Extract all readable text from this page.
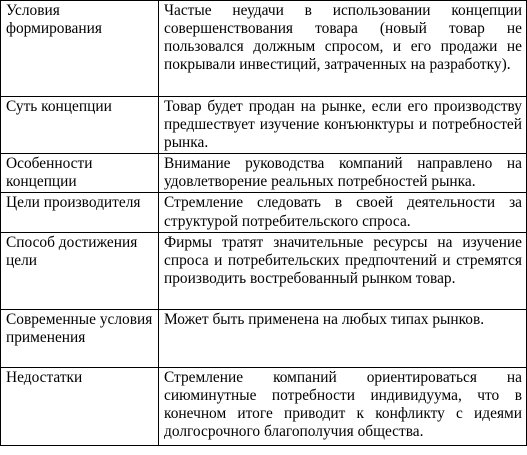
Условия формирования	Частые неудачи в использовании концепции совершенствования товара (новый товар не пользовался должным спросом, и его продажи не покрывали инвестиций, затраченных на разработку).
Суть концепции	Товар будет продан на рынке, если его производству предшествует изучение конъюнктуры и потребностей рынка.
Особенности концепции	Внимание руководства компаний направлено на удовлетворение реальных потребностей рынка.
Цели производителя	Стремление следовать в своей деятельности за структурой потребительского спроса.
Способ достижения цели	Фирмы тратят значительные ресурсы на изучение спроса и потребительских предпочтений и стремятся производить востребованный рынком товар.
Современные условия применения	Может быть применена на любых типах рынков.
Недостатки	Стремление компаний ориентироваться на сиюминутные потребности индивидуума, что в конечном итоге приводит к конфликту с идеями долгосрочного благополучия общества.
